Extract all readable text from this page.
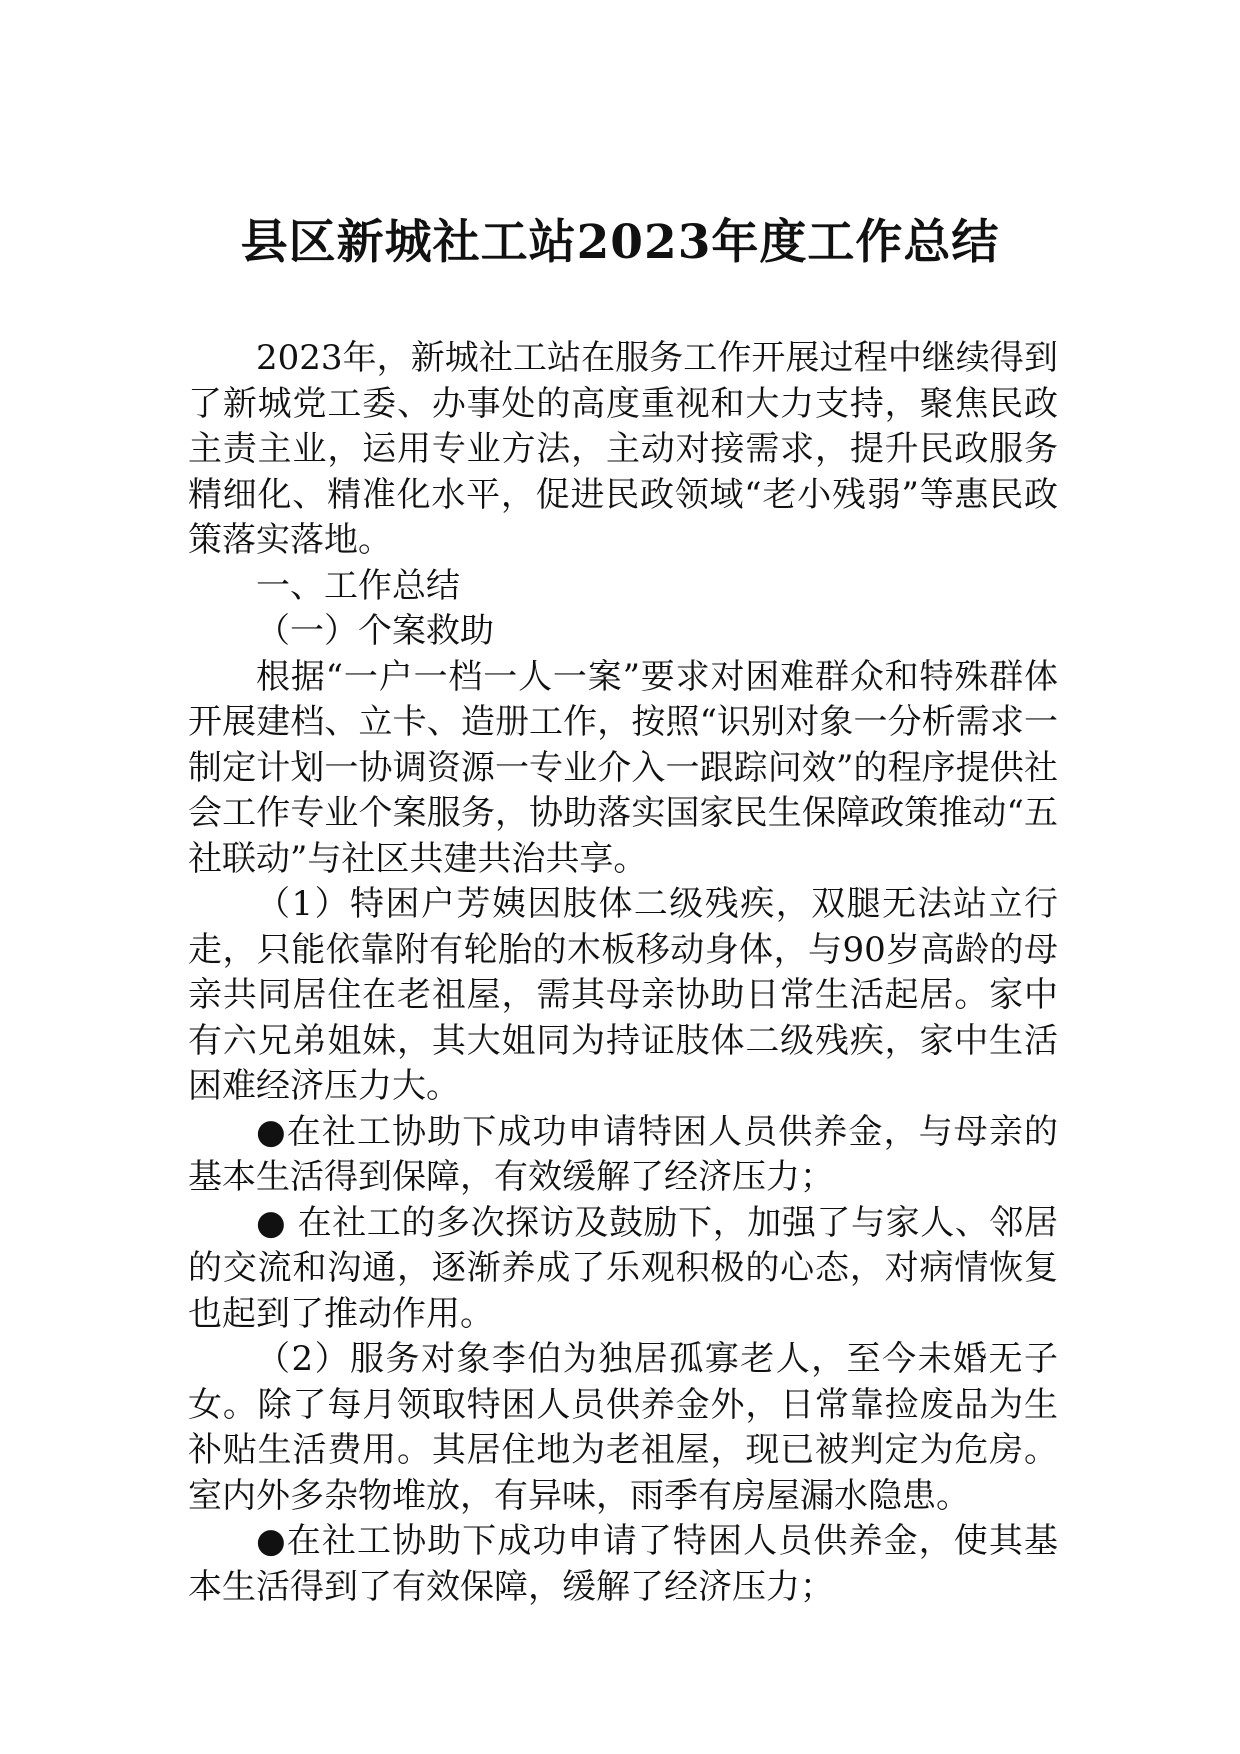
县区新城社工站2023年度工作总结

2023年，新城社工站在服务工作开展过程中继续得到了新城党工委、办事处的高度重视和大力支持，聚焦民政主责主业，运用专业方法，主动对接需求，提升民政服务精细化、精准化水平，促进民政领域“老小残弱”等惠民政策落实落地。

一、工作总结

（一）个案救助

根据“一户一档一人一案”要求对困难群众和特殊群体开展建档、立卡、造册工作，按照“识别对象一分析需求一制定计划一协调资源一专业介入一跟踪问效”的程序提供社会工作专业个案服务，协助落实国家民生保障政策推动“五社联动”与社区共建共治共享。

（1）特困户芳姨因肢体二级残疾，双腿无法站立行走，只能依靠附有轮胎的木板移动身体，与90岁高龄的母亲共同居住在老祖屋，需其母亲协助日常生活起居。家中有六兄弟姐妹，其大姐同为持证肢体二级残疾，家中生活困难经济压力大。

●在社工协助下成功申请特困人员供养金，与母亲的基本生活得到保障，有效缓解了经济压力；

● 在社工的多次探访及鼓励下，加强了与家人、邻居的交流和沟通，逐渐养成了乐观积极的心态，对病情恢复也起到了推动作用。

（2）服务对象李伯为独居孤寡老人，至今未婚无子女。除了每月领取特困人员供养金外，日常靠捡废品为生补贴生活费用。其居住地为老祖屋，现已被判定为危房。室内外多杂物堆放，有异味，雨季有房屋漏水隐患。

●在社工协助下成功申请了特困人员供养金，使其基本生活得到了有效保障，缓解了经济压力；
